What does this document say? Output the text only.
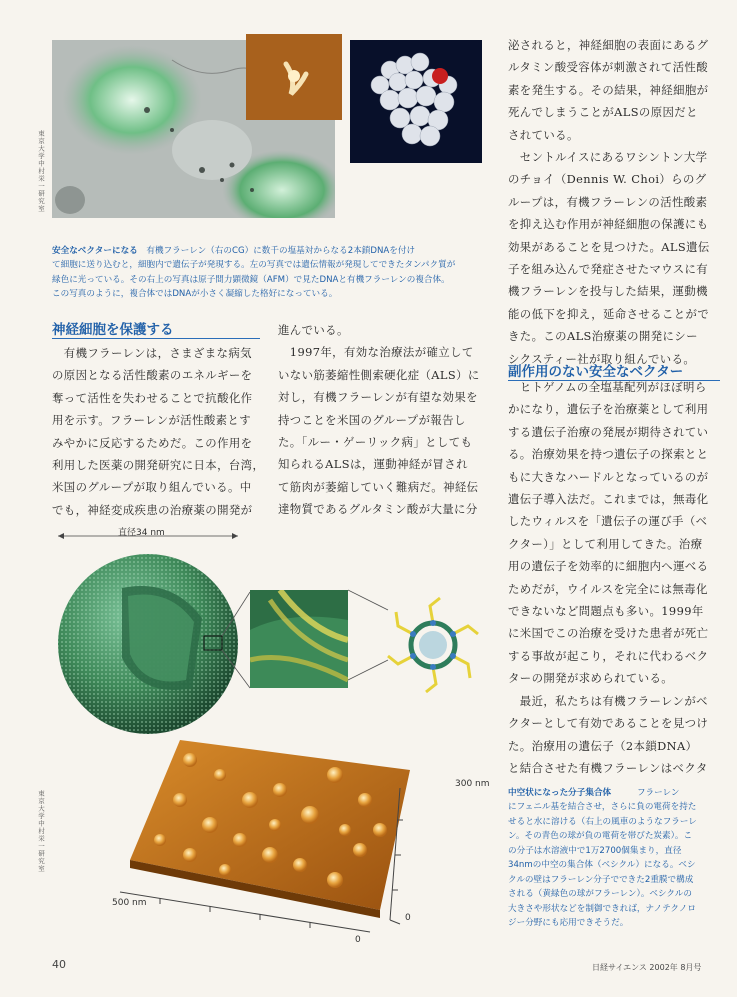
東京大学中村栄一研究室

安全なベクターになる　 有機フラーレン（右のCG）に数千の塩基対からなる2本鎖DNAを付け
て細胞に送り込むと，細胞内で遺伝子が発現する。左の写真では遺伝情報が発現してできたタンパク質が
緑色に光っている。その右上の写真は原子間力顕微鏡（AFM）で見たDNAと有機フラーレンの複合体。
この写真のように，複合体ではDNAが小さく凝縮した格好になっている。

泌されると，神経細胞の表面にあるグ
ルタミン酸受容体が刺激されて活性酸
素を発生する。その結果，神経細胞が
死んでしまうことがALSの原因だと
されている。
　セントルイスにあるワシントン大学
のチョイ（Dennis W. Choi）らのグ
ループは，有機フラーレンの活性酸素
を抑え込む作用が神経細胞の保護にも
効果があることを見つけた。ALS遺伝
子を組み込んで発症させたマウスに有
機フラーレンを投与した結果，運動機
能の低下を抑え，延命させることがで
きた。このALS治療薬の開発にシー
シクスティー社が取り組んでいる。
神経細胞を保護する
　有機フラーレンは，さまざまな病気
の原因となる活性酸素のエネルギーを
奪って活性を失わせることで抗酸化作
用を示す。フラーレンが活性酸素とす
みやかに反応するためだ。この作用を
利用した医薬の開発研究に日本，台湾，
米国のグループが取り組んでいる。中
でも，神経変成疾患の治療薬の開発が
進んでいる。
　1997年，有効な治療法が確立して
いない筋萎縮性側索硬化症（ALS）に
対し，有機フラーレンが有望な効果を
持つことを米国のグループが報告し
た。「ルー・ゲーリック病」としても
知られるALSは，運動神経が冒され
て筋肉が萎縮していく難病だ。神経伝
達物質であるグルタミン酸が大量に分
副作用のない安全なベクター
　ヒトゲノムの全塩基配列がほぼ明ら
かになり，遺伝子を治療薬として利用
する遺伝子治療の発展が期待されてい
る。治療効果を持つ遺伝子の探索とと
もに大きなハードルとなっているのが
遺伝子導入法だ。これまでは，無毒化
したウィルスを「遺伝子の運び手（ベ
クター）」として利用してきた。治療
用の遺伝子を効率的に細胞内へ運べる
ためだが，ウイルスを完全には無毒化
できないなど問題点も多い。1999年
に米国でこの治療を受けた患者が死亡
する事故が起こり，それに代わるベク
ターの開発が求められている。
　最近，私たちは有機フラーレンがベ
クターとして有効であることを見つけ
た。治療用の遺伝子（2本鎖DNA）
と結合させた有機フラーレンはベクタ
直径34 nm
東京大学中村栄一研究室
300 nm
500 nm
0
0

中空状になった分子集合体　　　	フラーレン
にフェニル基を結合させ，さらに負の電荷を持た
せると水に溶ける（右上の風車のようなフラーレ
ン。その青色の球が負の電荷を帯びた炭素）。こ
の分子は水溶液中で1万2700個集まり，直径
34nmの中空の集合体（ベシクル）になる。ベシ
クルの壁はフラーレン分子でできた2重膜で構成
される（黄緑色の球がフラーレン）。ベシクルの
大きさや形状などを制御できれば，ナノテクノロ
ジー分野にも応用できそうだ。

40	日経サイエンス 2002年 8月号
